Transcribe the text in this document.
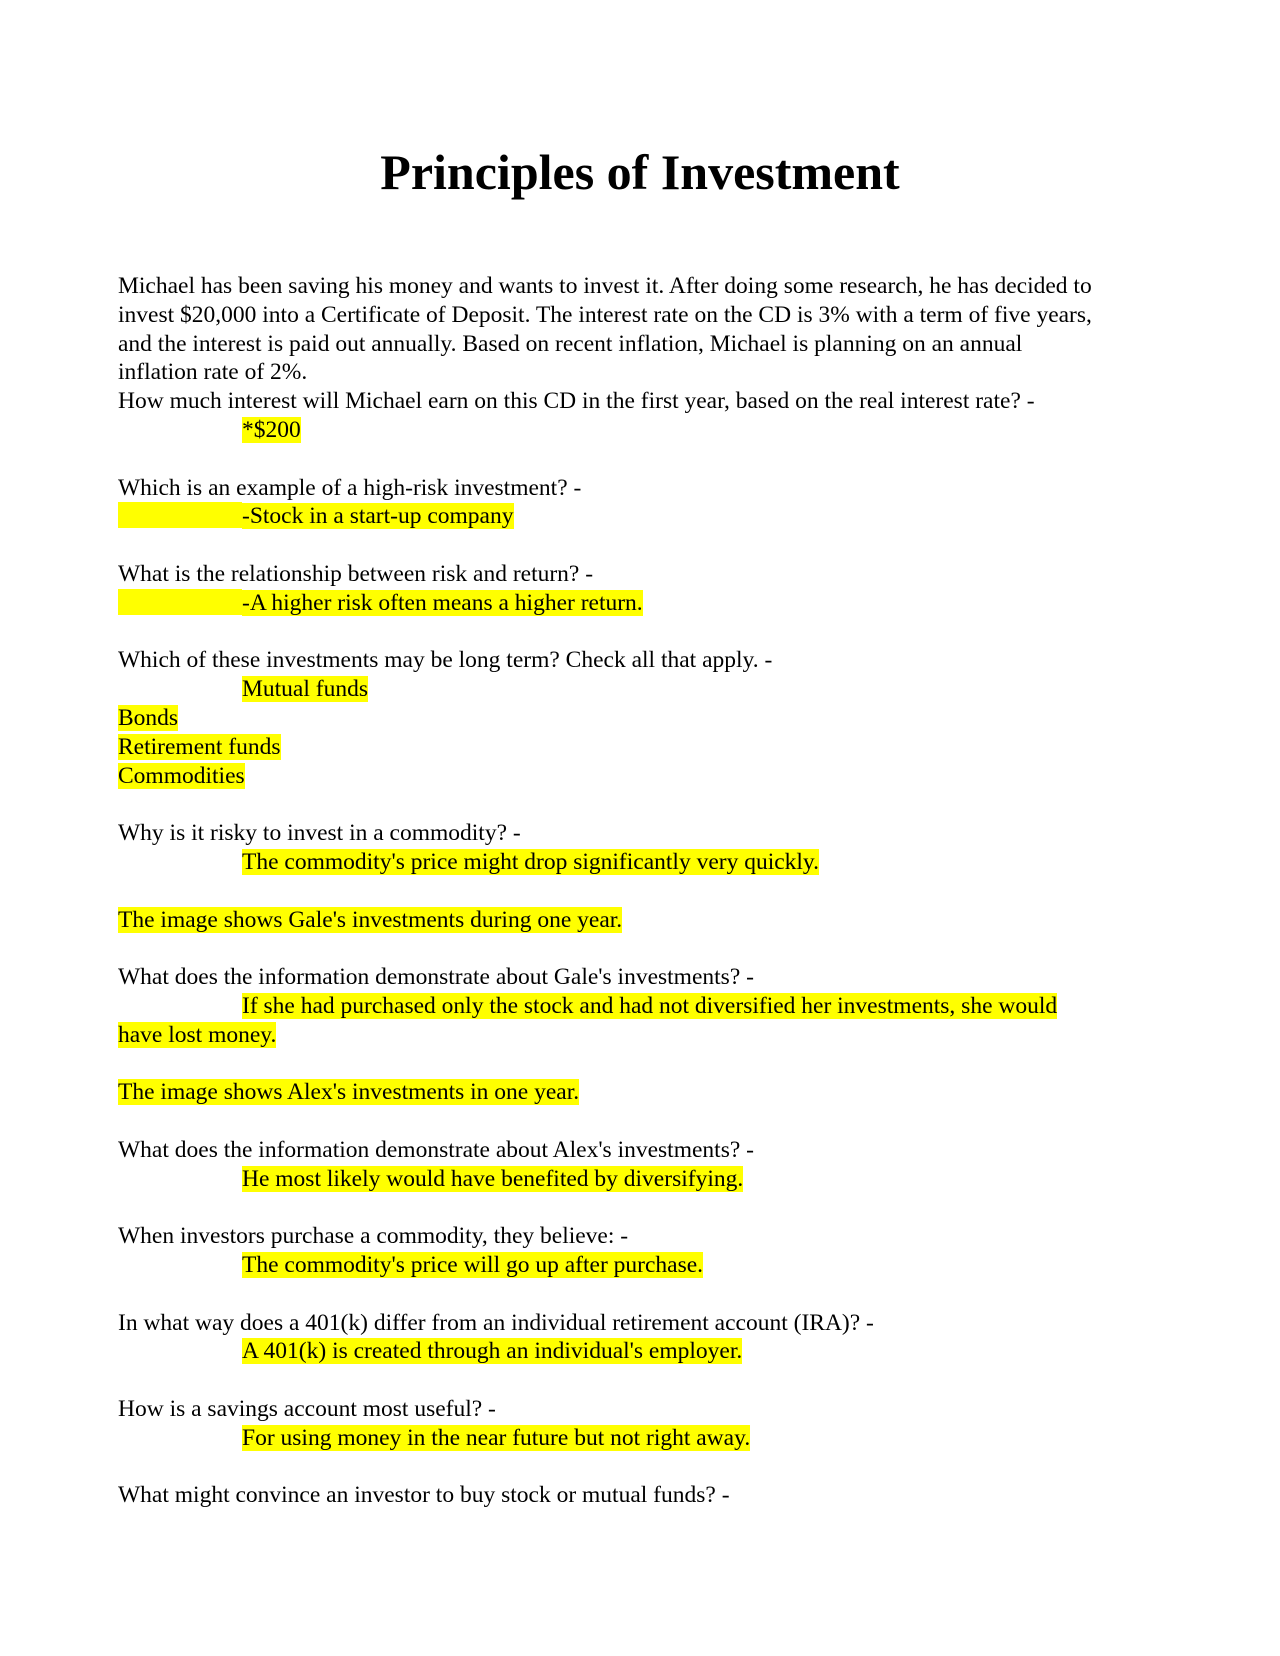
Principles of Investment
Michael has been saving his money and wants to invest it. After doing some research, he has decided to
invest $20,000 into a Certificate of Deposit. The interest rate on the CD is 3% with a term of five years,
and the interest is paid out annually. Based on recent inflation, Michael is planning on an annual
inflation rate of 2%.
How much interest will Michael earn on this CD in the first year, based on the real interest rate? -
*$200
Which is an example of a high-risk investment? -
-Stock in a start-up company
What is the relationship between risk and return? -
-A higher risk often means a higher return.
Which of these investments may be long term? Check all that apply. -
Mutual funds
Bonds
Retirement funds
Commodities
Why is it risky to invest in a commodity? -
The commodity's price might drop significantly very quickly.
The image shows Gale's investments during one year.
What does the information demonstrate about Gale's investments? -
If she had purchased only the stock and had not diversified her investments, she would
have lost money.
The image shows Alex's investments in one year.
What does the information demonstrate about Alex's investments? -
He most likely would have benefited by diversifying.
When investors purchase a commodity, they believe: -
The commodity's price will go up after purchase.
In what way does a 401(k) differ from an individual retirement account (IRA)? -
A 401(k) is created through an individual's employer.
How is a savings account most useful? -
For using money in the near future but not right away.
What might convince an investor to buy stock or mutual funds? -
